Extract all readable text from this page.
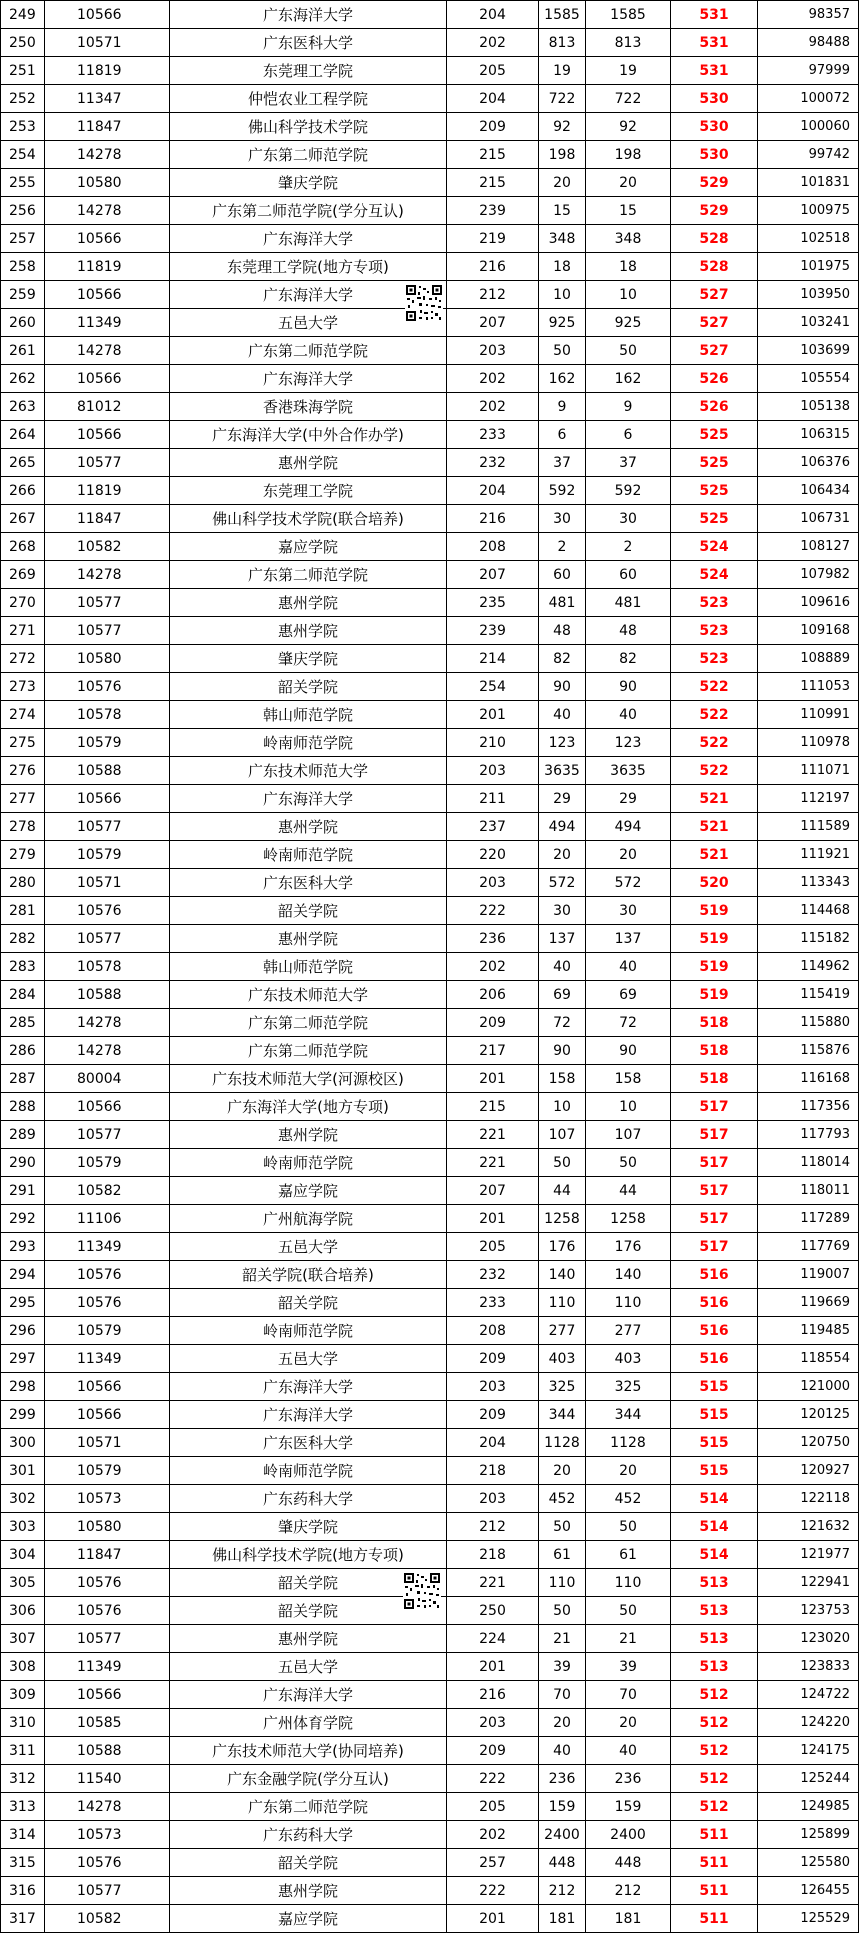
249	10566	广东海洋大学	204	1585	1585	531	98357
250	10571	广东医科大学	202	813	813	531	98488
251	11819	东莞理工学院	205	19	19	531	97999
252	11347	仲恺农业工程学院	204	722	722	530	100072
253	11847	佛山科学技术学院	209	92	92	530	100060
254	14278	广东第二师范学院	215	198	198	530	99742
255	10580	肇庆学院	215	20	20	529	101831
256	14278	广东第二师范学院(学分互认)	239	15	15	529	100975
257	10566	广东海洋大学	219	348	348	528	102518
258	11819	东莞理工学院(地方专项)	216	18	18	528	101975
259	10566	广东海洋大学	212	10	10	527	103950
260	11349	五邑大学	207	925	925	527	103241
261	14278	广东第二师范学院	203	50	50	527	103699
262	10566	广东海洋大学	202	162	162	526	105554
263	81012	香港珠海学院	202	9	9	526	105138
264	10566	广东海洋大学(中外合作办学)	233	6	6	525	106315
265	10577	惠州学院	232	37	37	525	106376
266	11819	东莞理工学院	204	592	592	525	106434
267	11847	佛山科学技术学院(联合培养)	216	30	30	525	106731
268	10582	嘉应学院	208	2	2	524	108127
269	14278	广东第二师范学院	207	60	60	524	107982
270	10577	惠州学院	235	481	481	523	109616
271	10577	惠州学院	239	48	48	523	109168
272	10580	肇庆学院	214	82	82	523	108889
273	10576	韶关学院	254	90	90	522	111053
274	10578	韩山师范学院	201	40	40	522	110991
275	10579	岭南师范学院	210	123	123	522	110978
276	10588	广东技术师范大学	203	3635	3635	522	111071
277	10566	广东海洋大学	211	29	29	521	112197
278	10577	惠州学院	237	494	494	521	111589
279	10579	岭南师范学院	220	20	20	521	111921
280	10571	广东医科大学	203	572	572	520	113343
281	10576	韶关学院	222	30	30	519	114468
282	10577	惠州学院	236	137	137	519	115182
283	10578	韩山师范学院	202	40	40	519	114962
284	10588	广东技术师范大学	206	69	69	519	115419
285	14278	广东第二师范学院	209	72	72	518	115880
286	14278	广东第二师范学院	217	90	90	518	115876
287	80004	广东技术师范大学(河源校区)	201	158	158	518	116168
288	10566	广东海洋大学(地方专项)	215	10	10	517	117356
289	10577	惠州学院	221	107	107	517	117793
290	10579	岭南师范学院	221	50	50	517	118014
291	10582	嘉应学院	207	44	44	517	118011
292	11106	广州航海学院	201	1258	1258	517	117289
293	11349	五邑大学	205	176	176	517	117769
294	10576	韶关学院(联合培养)	232	140	140	516	119007
295	10576	韶关学院	233	110	110	516	119669
296	10579	岭南师范学院	208	277	277	516	119485
297	11349	五邑大学	209	403	403	516	118554
298	10566	广东海洋大学	203	325	325	515	121000
299	10566	广东海洋大学	209	344	344	515	120125
300	10571	广东医科大学	204	1128	1128	515	120750
301	10579	岭南师范学院	218	20	20	515	120927
302	10573	广东药科大学	203	452	452	514	122118
303	10580	肇庆学院	212	50	50	514	121632
304	11847	佛山科学技术学院(地方专项)	218	61	61	514	121977
305	10576	韶关学院	221	110	110	513	122941
306	10576	韶关学院	250	50	50	513	123753
307	10577	惠州学院	224	21	21	513	123020
308	11349	五邑大学	201	39	39	513	123833
309	10566	广东海洋大学	216	70	70	512	124722
310	10585	广州体育学院	203	20	20	512	124220
311	10588	广东技术师范大学(协同培养)	209	40	40	512	124175
312	11540	广东金融学院(学分互认)	222	236	236	512	125244
313	14278	广东第二师范学院	205	159	159	512	124985
314	10573	广东药科大学	202	2400	2400	511	125899
315	10576	韶关学院	257	448	448	511	125580
316	10577	惠州学院	222	212	212	511	126455
317	10582	嘉应学院	201	181	181	511	125529
